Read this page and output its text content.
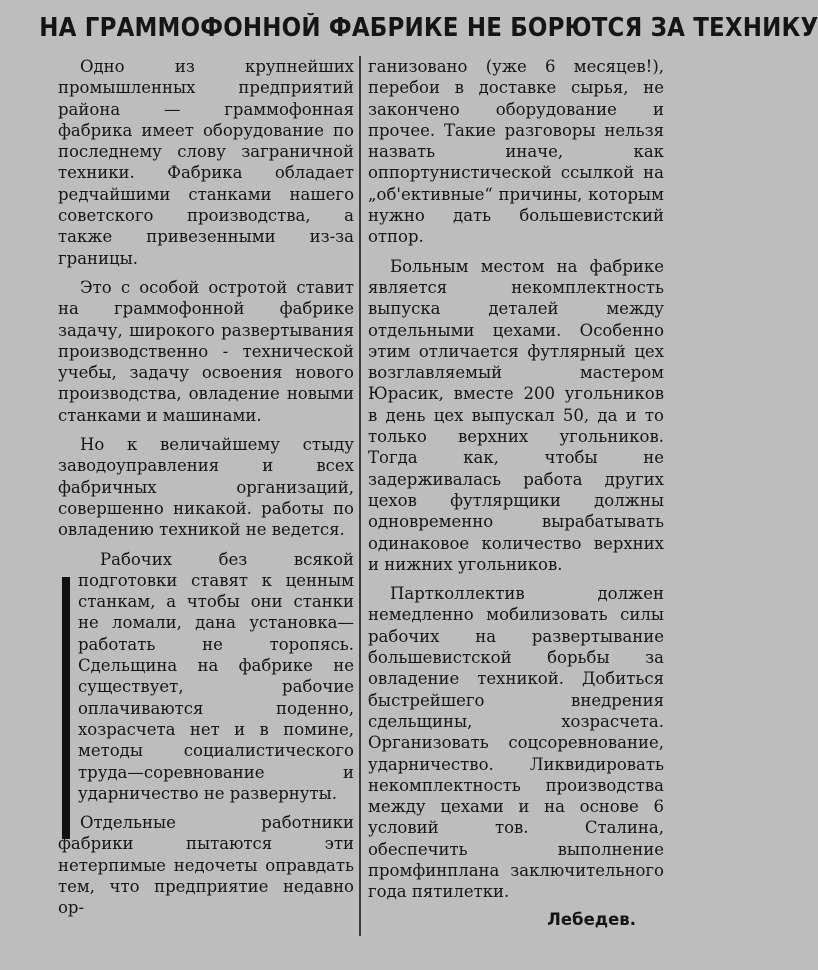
НА ГРАММОФОННОЙ ФАБРИКЕ НЕ БОРЮТСЯ ЗА ТЕХНИКУ

Одно из крупнейших промышленных предприятий района — граммофонная фабрика имеет оборудование по последнему слову заграничной техники. Фабрика обладает редчайшими станками нашего советского производства, а также привезенными из-за границы.

Это с особой остротой ставит на граммофонной фабрике задачу, широкого развертывания производственно - технической учебы, задачу освоения нового производства, овладение новыми станками и машинами.

Но к величайшему стыду заводоуправления и всех фабричных организаций, совершенно никакой. работы по овладению техникой не ведется.

Рабочих без всякой подготовки ставят к ценным станкам, а чтобы они станки не ломали, дана установка— работать не торопясь. Сдельщина на фабрике не существует, рабочие оплачиваются поденно, хозрасчета нет и в помине, методы социалистического труда—соревнование и ударничество не развернуты.

Отдельные работники фабрики пытаются эти нетерпимые недочеты оправдать тем, что предприятие недавно ор-

ганизовано (уже 6 месяцев!), перебои в доставке сырья, не закончено оборудование и прочее. Такие разговоры нельзя назвать иначе, как оппортунистической ссылкой на „об'ективные“ причины, которым нужно дать большевистский отпор.

Больным местом на фабрике является некомплектность выпуска деталей между отдельными цехами. Особенно этим отличается футлярный цех возглавляемый мастером Юрасик, вместе 200 угольников в день цех выпускал 50, да и то только верхних угольников. Тогда как, чтобы не задерживалась работа других цехов футлярщики должны одновременно вырабатывать одинаковое количество верхних и нижних угольников.

Партколлектив должен немедленно мобилизовать силы рабочих на развертывание большевистской борьбы за овладение техникой. Добиться быстрейшего внедрения сдельщины, хозрасчета. Организовать соцсоревнование, ударничество. Ликвидировать некомплектность производства между цехами и на основе 6 условий тов. Сталина, обеспечить выполнение промфинплана заключительного года пятилетки.

Лебедев.
